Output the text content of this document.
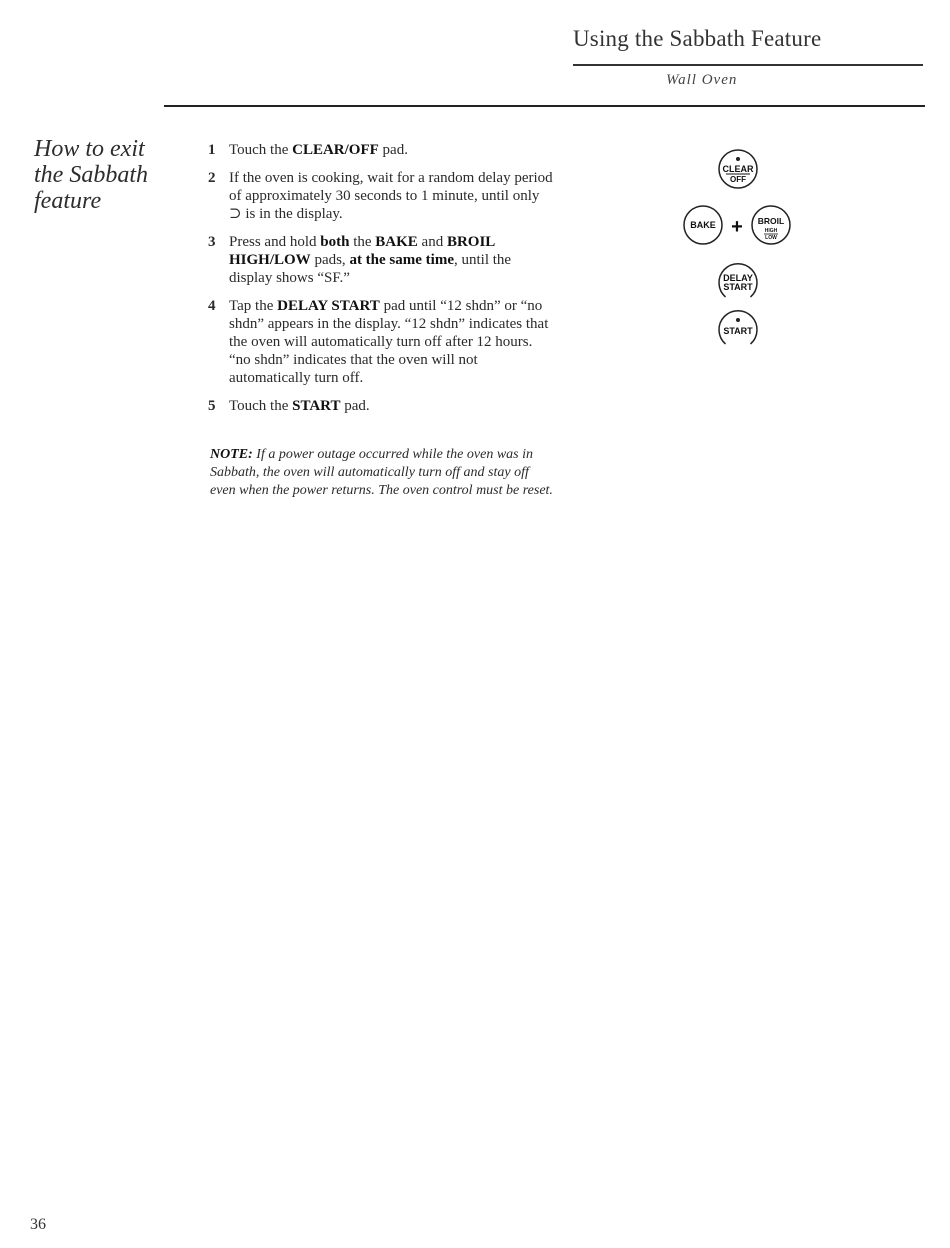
Using the Sabbath Feature
Wall Oven
How to exit the Sabbath feature
1 Touch the CLEAR/OFF pad.
2 If the oven is cooking, wait for a random delay period of approximately 30 seconds to 1 minute, until only ⊃ is in the display.
3 Press and hold both the BAKE and BROIL HIGH/LOW pads, at the same time, until the display shows “SF.”
4 Tap the DELAY START pad until “12 shdn” or “no shdn” appears in the display. “12 shdn” indicates that the oven will automatically turn off after 12 hours. “no shdn” indicates that the oven will not automatically turn off.
5 Touch the START pad.
NOTE: If a power outage occurred while the oven was in Sabbath, the oven will automatically turn off and stay off even when the power returns. The oven control must be reset.
CLEAR
OFF
BAKE + BROIL
HIGH
LOW
DELAY
START
START
36
